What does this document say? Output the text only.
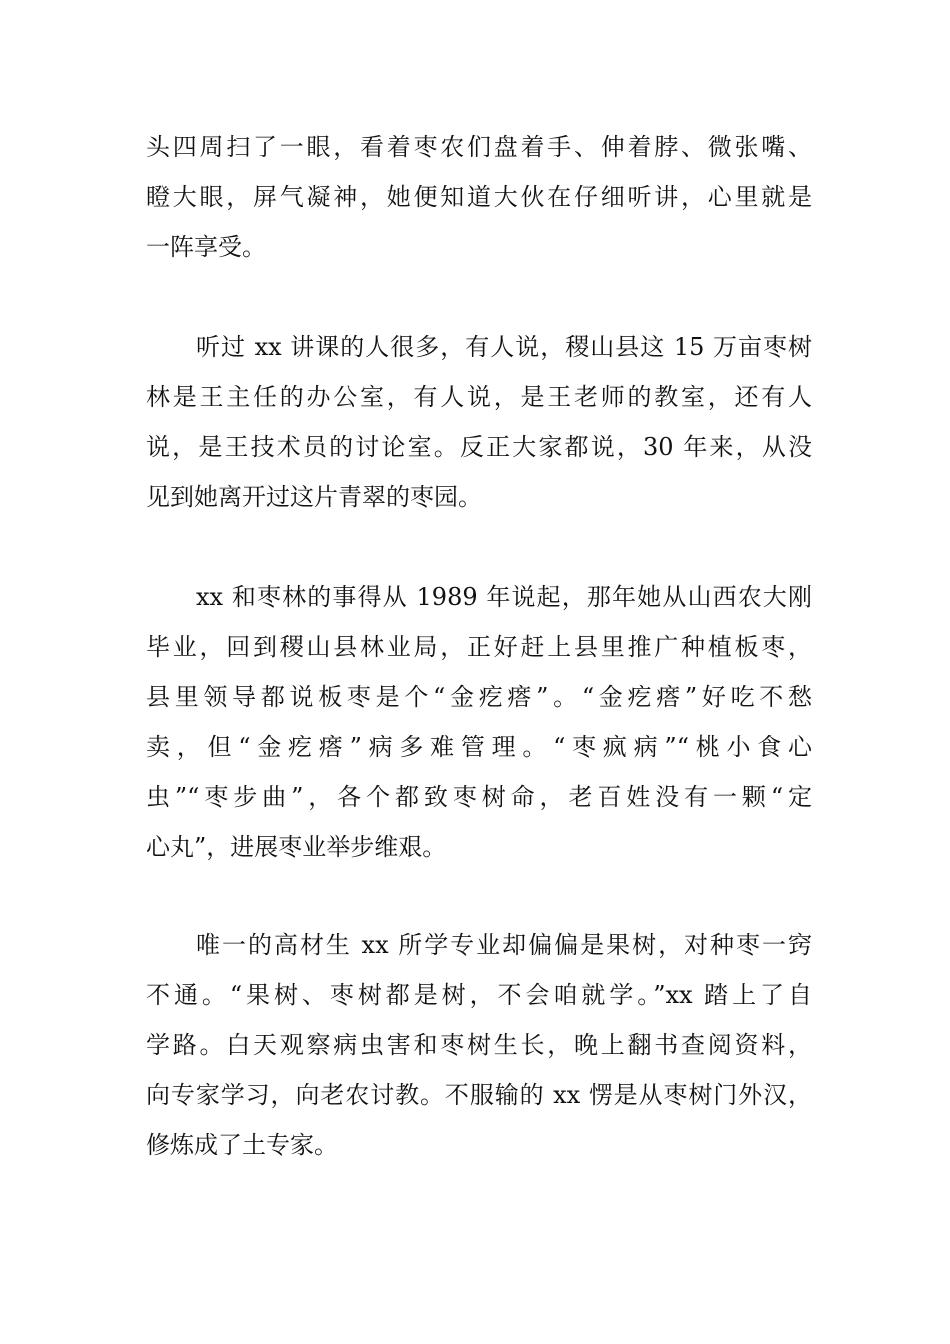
头四周扫了一眼，看着枣农们盘着手、伸着脖、微张嘴、
瞪大眼，屏气凝神，她便知道大伙在仔细听讲，心里就是
一阵享受。
听过 xx 讲课的人很多，有人说，稷山县这 15 万亩枣树
林是王主任的办公室，有人说，是王老师的教室，还有人
说，是王技术员的讨论室。反正大家都说，30 年来，从没
见到她离开过这片青翠的枣园。
xx 和枣林的事得从 1989 年说起，那年她从山西农大刚
毕业，回到稷山县林业局，正好赶上县里推广种植板枣，
县里领导都说板枣是个“金疙瘩”。“金疙瘩”好吃不愁
卖，但“金疙瘩”病多难管理。“枣疯病”“桃小食心
虫”“枣步曲”，各个都致枣树命，老百姓没有一颗“定
心丸”，进展枣业举步维艰。
唯一的高材生 xx 所学专业却偏偏是果树，对种枣一窍
不通。“果树、枣树都是树，不会咱就学。”xx 踏上了自
学路。白天观察病虫害和枣树生长，晚上翻书查阅资料，
向专家学习，向老农讨教。不服输的 xx 愣是从枣树门外汉，
修炼成了土专家。
